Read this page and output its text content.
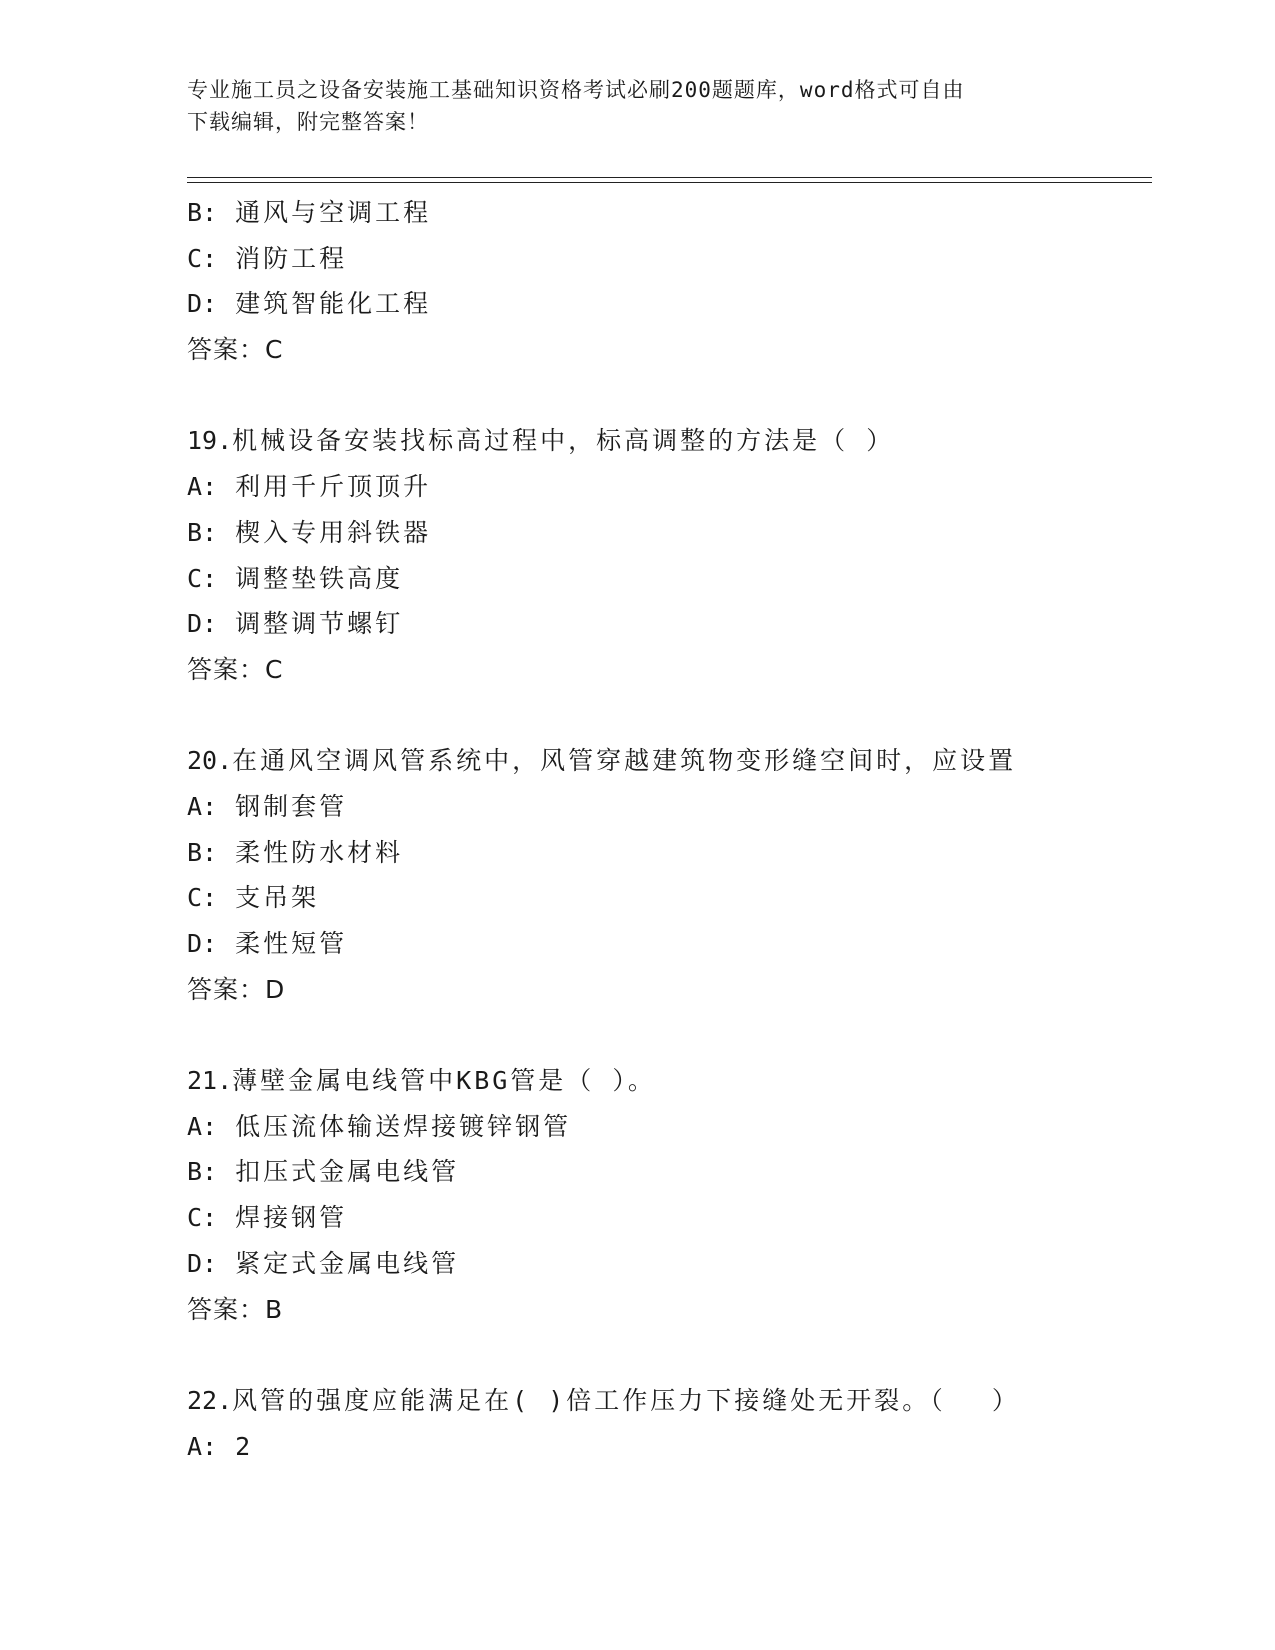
专业施工员之设备安装施工基础知识资格考试必刷200题题库，word格式可自由
下载编辑，附完整答案！
B: 通风与空调工程
C: 消防工程
D: 建筑智能化工程
答案：C
19.机械设备安装找标高过程中，标高调整的方法是（ ）
A: 利用千斤顶顶升
B: 楔入专用斜铁器
C: 调整垫铁高度
D: 调整调节螺钉
答案：C
20.在通风空调风管系统中，风管穿越建筑物变形缝空间时，应设置
A: 钢制套管
B: 柔性防水材料
C: 支吊架
D: 柔性短管
答案：D
21.薄壁金属电线管中KBG管是（ ）。
A: 低压流体输送焊接镀锌钢管
B: 扣压式金属电线管
C: 焊接钢管
D: 紧定式金属电线管
答案：B
22.风管的强度应能满足在( )倍工作压力下接缝处无开裂。（　 ）
A: 2
